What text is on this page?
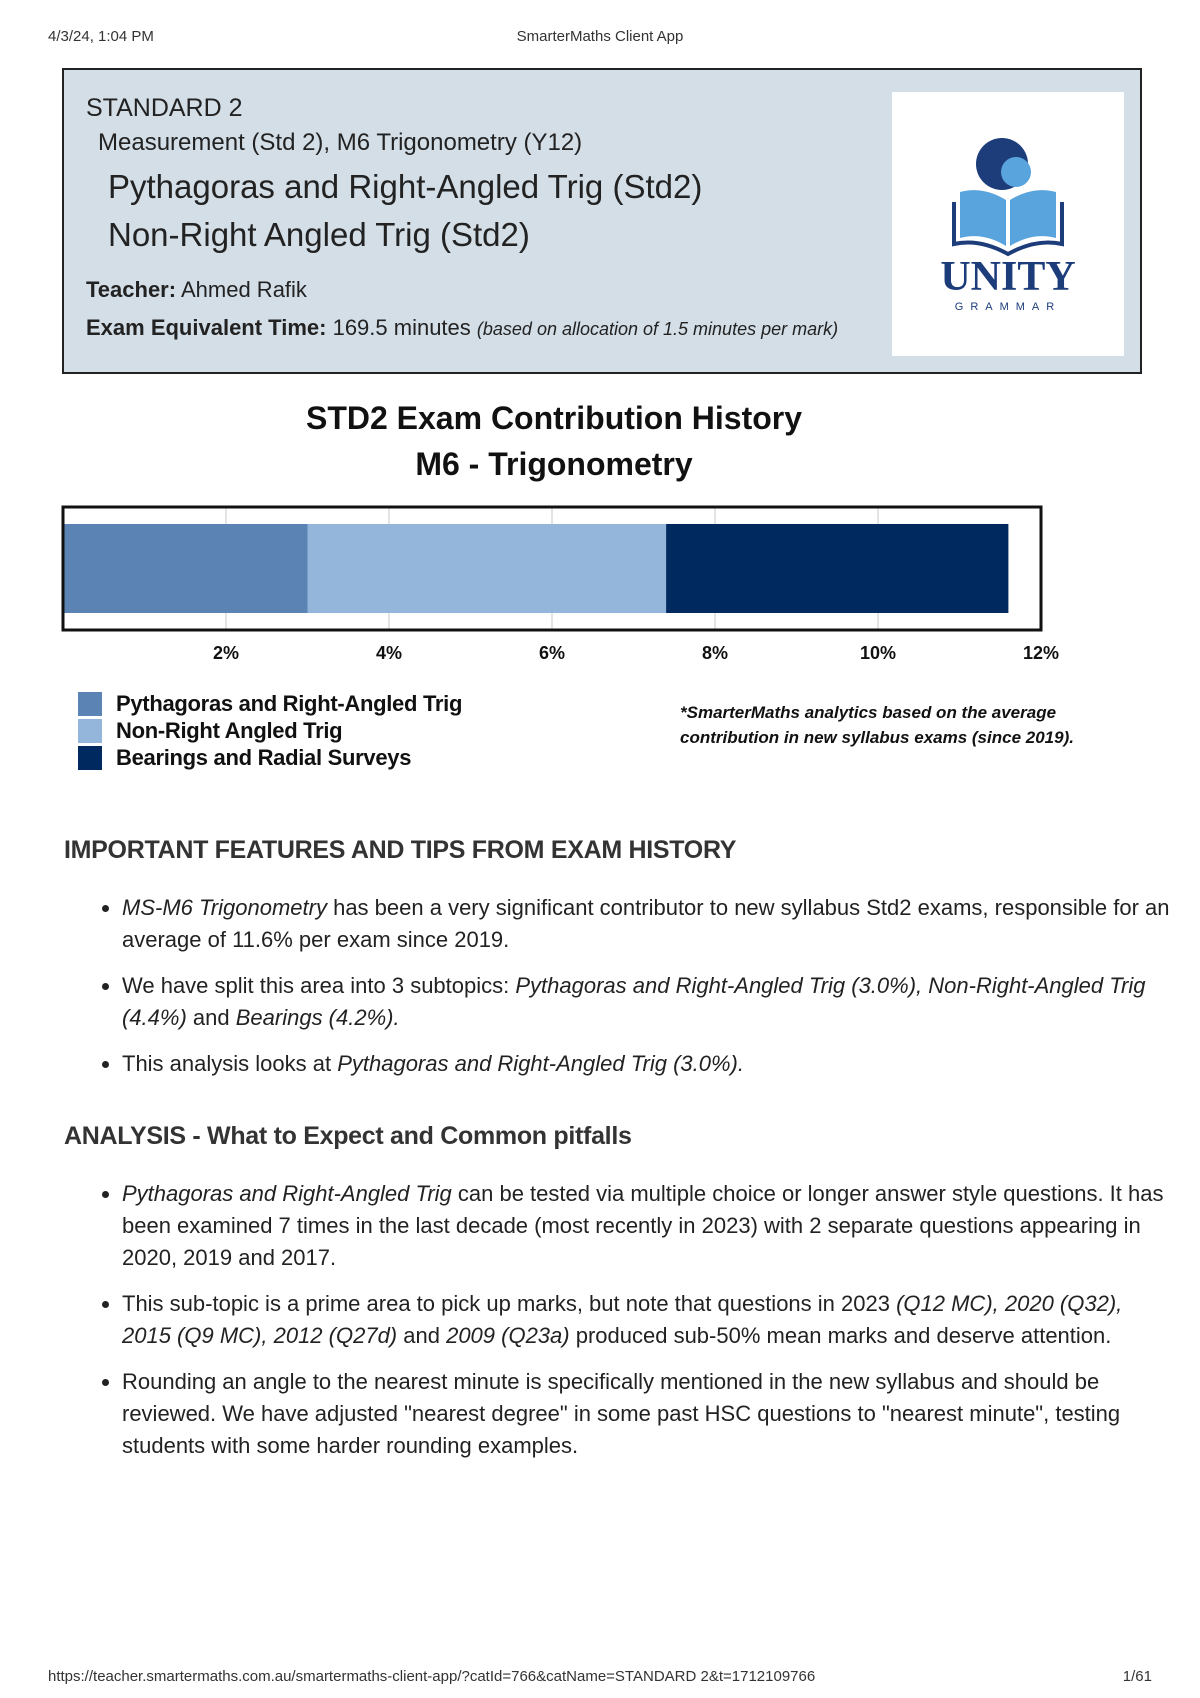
4/3/24, 1:04 PM	SmarterMaths Client App
STANDARD 2
Measurement (Std 2), M6 Trigonometry (Y12)
Pythagoras and Right-Angled Trig (Std2)
Non-Right Angled Trig (Std2)
Teacher: Ahmed Rafik
Exam Equivalent Time: 169.5 minutes (based on allocation of 1.5 minutes per mark)
UNITY
GRAMMAR
STD2 Exam Contribution History
M6 - Trigonometry
2%	4%	6%	8%	10%	12%
Pythagoras and Right-Angled Trig
Non-Right Angled Trig
Bearings and Radial Surveys
*SmarterMaths analytics based on the average contribution in new syllabus exams (since 2019).
IMPORTANT FEATURES AND TIPS FROM EXAM HISTORY
• MS-M6 Trigonometry has been a very significant contributor to new syllabus Std2 exams, responsible for an average of 11.6% per exam since 2019.
• We have split this area into 3 subtopics: Pythagoras and Right-Angled Trig (3.0%), Non-Right-Angled Trig (4.4%) and Bearings (4.2%).
• This analysis looks at Pythagoras and Right-Angled Trig (3.0%).
ANALYSIS - What to Expect and Common pitfalls
• Pythagoras and Right-Angled Trig can be tested via multiple choice or longer answer style questions. It has been examined 7 times in the last decade (most recently in 2023) with 2 separate questions appearing in 2020, 2019 and 2017.
• This sub-topic is a prime area to pick up marks, but note that questions in 2023 (Q12 MC), 2020 (Q32), 2015 (Q9 MC), 2012 (Q27d) and 2009 (Q23a) produced sub-50% mean marks and deserve attention.
• Rounding an angle to the nearest minute is specifically mentioned in the new syllabus and should be reviewed. We have adjusted "nearest degree" in some past HSC questions to "nearest minute", testing students with some harder rounding examples.
https://teacher.smartermaths.com.au/smartermaths-client-app/?catId=766&catName=STANDARD 2&t=1712109766	1/61
